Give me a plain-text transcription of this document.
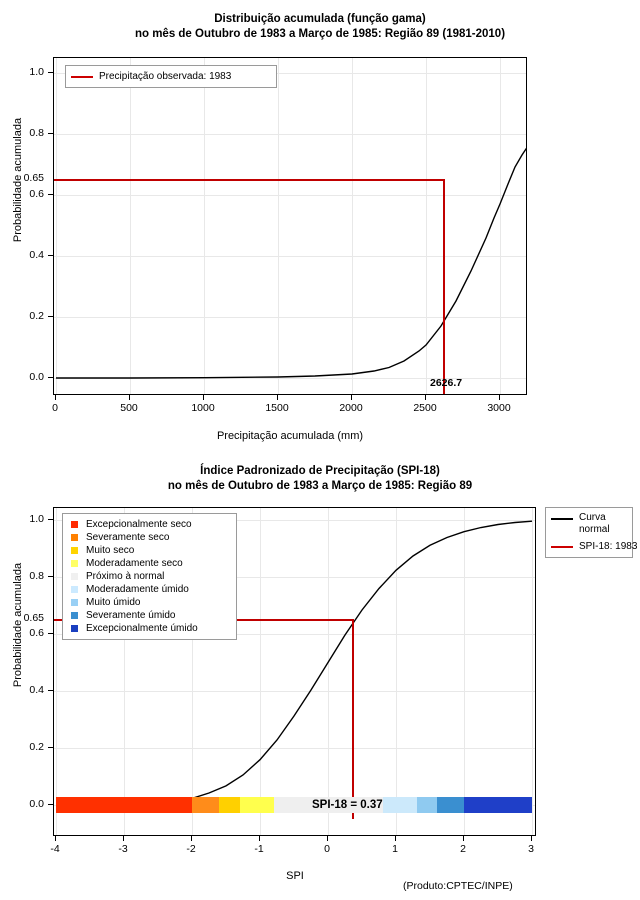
Distribuição acumulada (função gama)
no mês de Outubro de 1983 a Março de 1985: Região 89 (1981-2010)
Precipitação observada: 1983
0.0
0.2
0.4
0.6
0.8
1.0
0.65
0	500	1000	1500	2000	2500	3000
2626.7
Precipitação acumulada (mm)
Probabilidade acumulada
Índice Padronizado de Precipitação (SPI-18)
no mês de Outubro de 1983 a Março de 1985: Região 89
Excepcionalmente seco
Severamente seco
Muito seco
Moderadamente seco
Próximo à normal
Moderadamente úmido
Muito úmido
Severamente úmido
Excepcionalmente úmido
SPI-18 = 0.37
Curva
normal
SPI-18: 1983
0.0
0.2
0.4
0.6
0.8
1.0
0.65
-4	-3	-2	-1	0	1	2	3
SPI
Probabilidade acumulada
(Produto:CPTEC/INPE)
